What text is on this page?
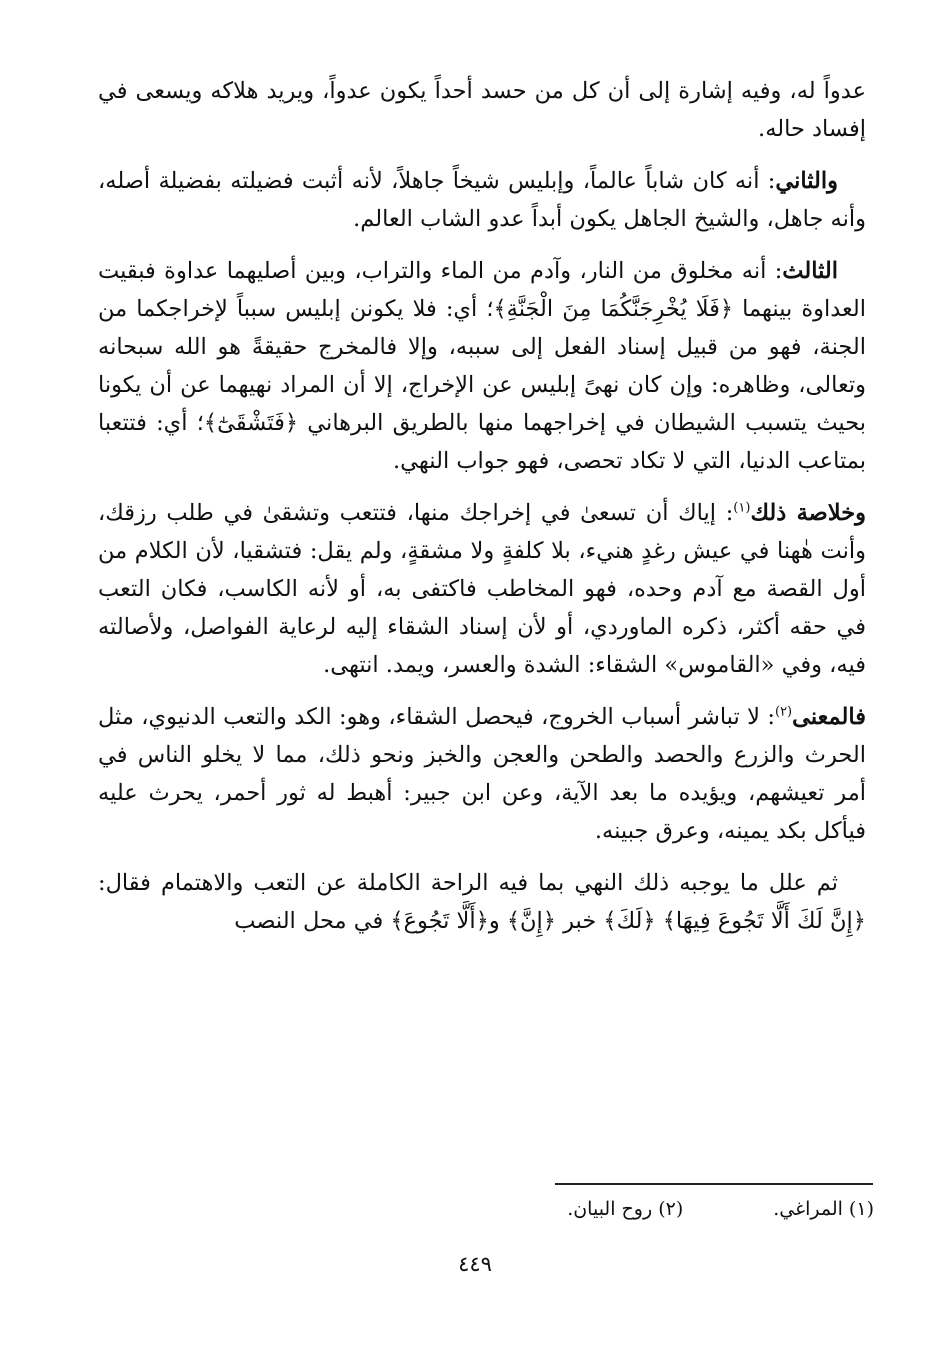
عدواً له، وفيه إشارة إلى أن كل من حسد أحداً يكون عدواً، ويريد هلاكه ويسعى في إفساد حاله.

والثاني: أنه كان شاباً عالماً، وإبليس شيخاً جاهلاً، لأنه أثبت فضيلته بفضيلة أصله، وأنه جاهل، والشيخ الجاهل يكون أبداً عدو الشاب العالم.

الثالث: أنه مخلوق من النار، وآدم من الماء والتراب، وبين أصليهما عداوة فبقيت العداوة بينهما ﴿فَلَا يُخْرِجَنَّكُمَا مِنَ الْجَنَّةِ﴾؛ أي: فلا يكونن إبليس سبباً لإخراجكما من الجنة، فهو من قبيل إسناد الفعل إلى سببه، وإلا فالمخرج حقيقةً هو الله سبحانه وتعالى، وظاهره: وإن كان نهىً إبليس عن الإخراج، إلا أن المراد نهيهما عن أن يكونا بحيث يتسبب الشيطان في إخراجهما منها بالطريق البرهاني ﴿فَتَشْقَىٰٓ﴾؛ أي: فتتعبا بمتاعب الدنيا، التي لا تكاد تحصى، فهو جواب النهي.

وخلاصة ذلك$^{(١)}$: إياك أن تسعىٰ في إخراجك منها، فتتعب وتشقىٰ في طلب رزقك، وأنت هٰهنا في عيش رغدٍ هنيء، بلا كلفةٍ ولا مشقةٍ، ولم يقل: فتشقيا، لأن الكلام من أول القصة مع آدم وحده، فهو المخاطب فاكتفى به، أو لأنه الكاسب، فكان التعب في حقه أكثر، ذكره الماوردي، أو لأن إسناد الشقاء إليه لرعاية الفواصل، ولأصالته فيه، وفي «القاموس» الشقاء: الشدة والعسر، ويمد. انتهى.

فالمعنى$^{(٢)}$: لا تباشر أسباب الخروج، فيحصل الشقاء، وهو: الكد والتعب الدنيوي، مثل الحرث والزرع والحصد والطحن والعجن والخبز ونحو ذلك، مما لا يخلو الناس في أمر تعيشهم، ويؤيده ما بعد الآية، وعن ابن جبير: أهبط له ثور أحمر، يحرث عليه فيأكل بكد يمينه، وعرق جبينه.

ثم علل ما يوجبه ذلك النهي بما فيه الراحة الكاملة عن التعب والاهتمام فقال: ﴿إِنَّ لَكَ أَلَّا تَجُوعَ فِيهَا﴾ ﴿لَكَ﴾ خبر ﴿إِنَّ﴾ و﴿أَلَّا تَجُوعَ﴾ في محل النصب

(١) المراغي.
(٢) روح البيان.
٤٤٩
